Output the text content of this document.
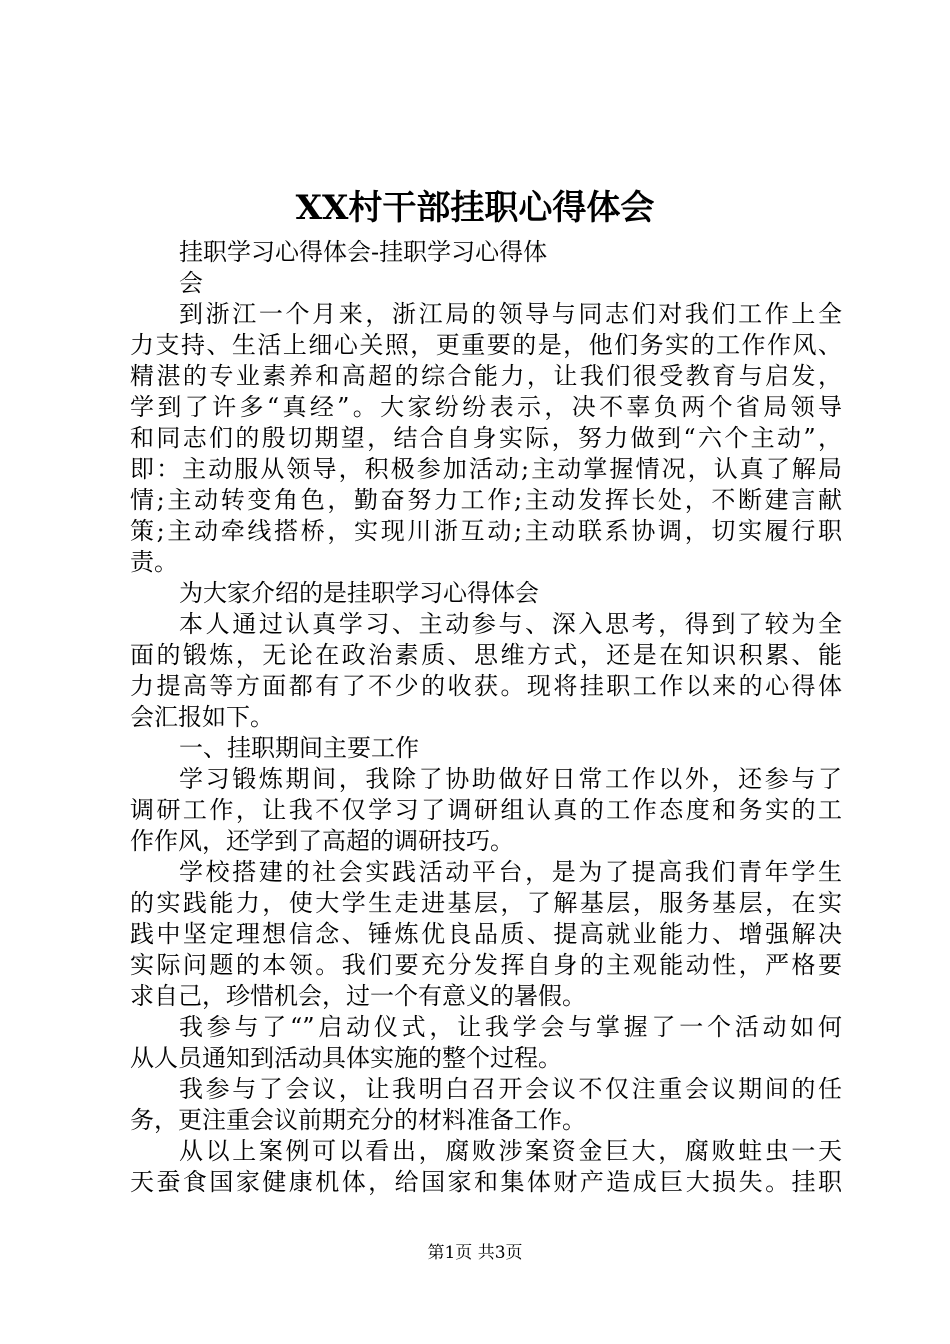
XX村干部挂职心得体会
挂职学习心得体会-挂职学习心得体
会
到浙江一个月来，浙江局的领导与同志们对我们工作上全
力支持、生活上细心关照，更重要的是，他们务实的工作作风、
精湛的专业素养和高超的综合能力，让我们很受教育与启发，
学到了许多“真经”。大家纷纷表示，决不辜负两个省局领导
和同志们的殷切期望，结合自身实际，努力做到“六个主动”，
即：主动服从领导，积极参加活动;主动掌握情况，认真了解局
情;主动转变角色，勤奋努力工作;主动发挥长处，不断建言献
策;主动牵线搭桥，实现川浙互动;主动联系协调，切实履行职
责。
为大家介绍的是挂职学习心得体会
本人通过认真学习、主动参与、深入思考，得到了较为全
面的锻炼，无论在政治素质、思维方式，还是在知识积累、能
力提高等方面都有了不少的收获。现将挂职工作以来的心得体
会汇报如下。
一、挂职期间主要工作
学习锻炼期间，我除了协助做好日常工作以外，还参与了
调研工作，让我不仅学习了调研组认真的工作态度和务实的工
作作风，还学到了高超的调研技巧。
学校搭建的社会实践活动平台，是为了提高我们青年学生
的实践能力，使大学生走进基层，了解基层，服务基层，在实
践中坚定理想信念、锤炼优良品质、提高就业能力、增强解决
实际问题的本领。我们要充分发挥自身的主观能动性，严格要
求自己，珍惜机会，过一个有意义的暑假。
我参与了“”启动仪式，让我学会与掌握了一个活动如何
从人员通知到活动具体实施的整个过程。
我参与了会议，让我明白召开会议不仅注重会议期间的任
务，更注重会议前期充分的材料准备工作。
从以上案例可以看出，腐败涉案资金巨大，腐败蛀虫一天
天蚕食国家健康机体，给国家和集体财产造成巨大损失。挂职
第1页 共3页
